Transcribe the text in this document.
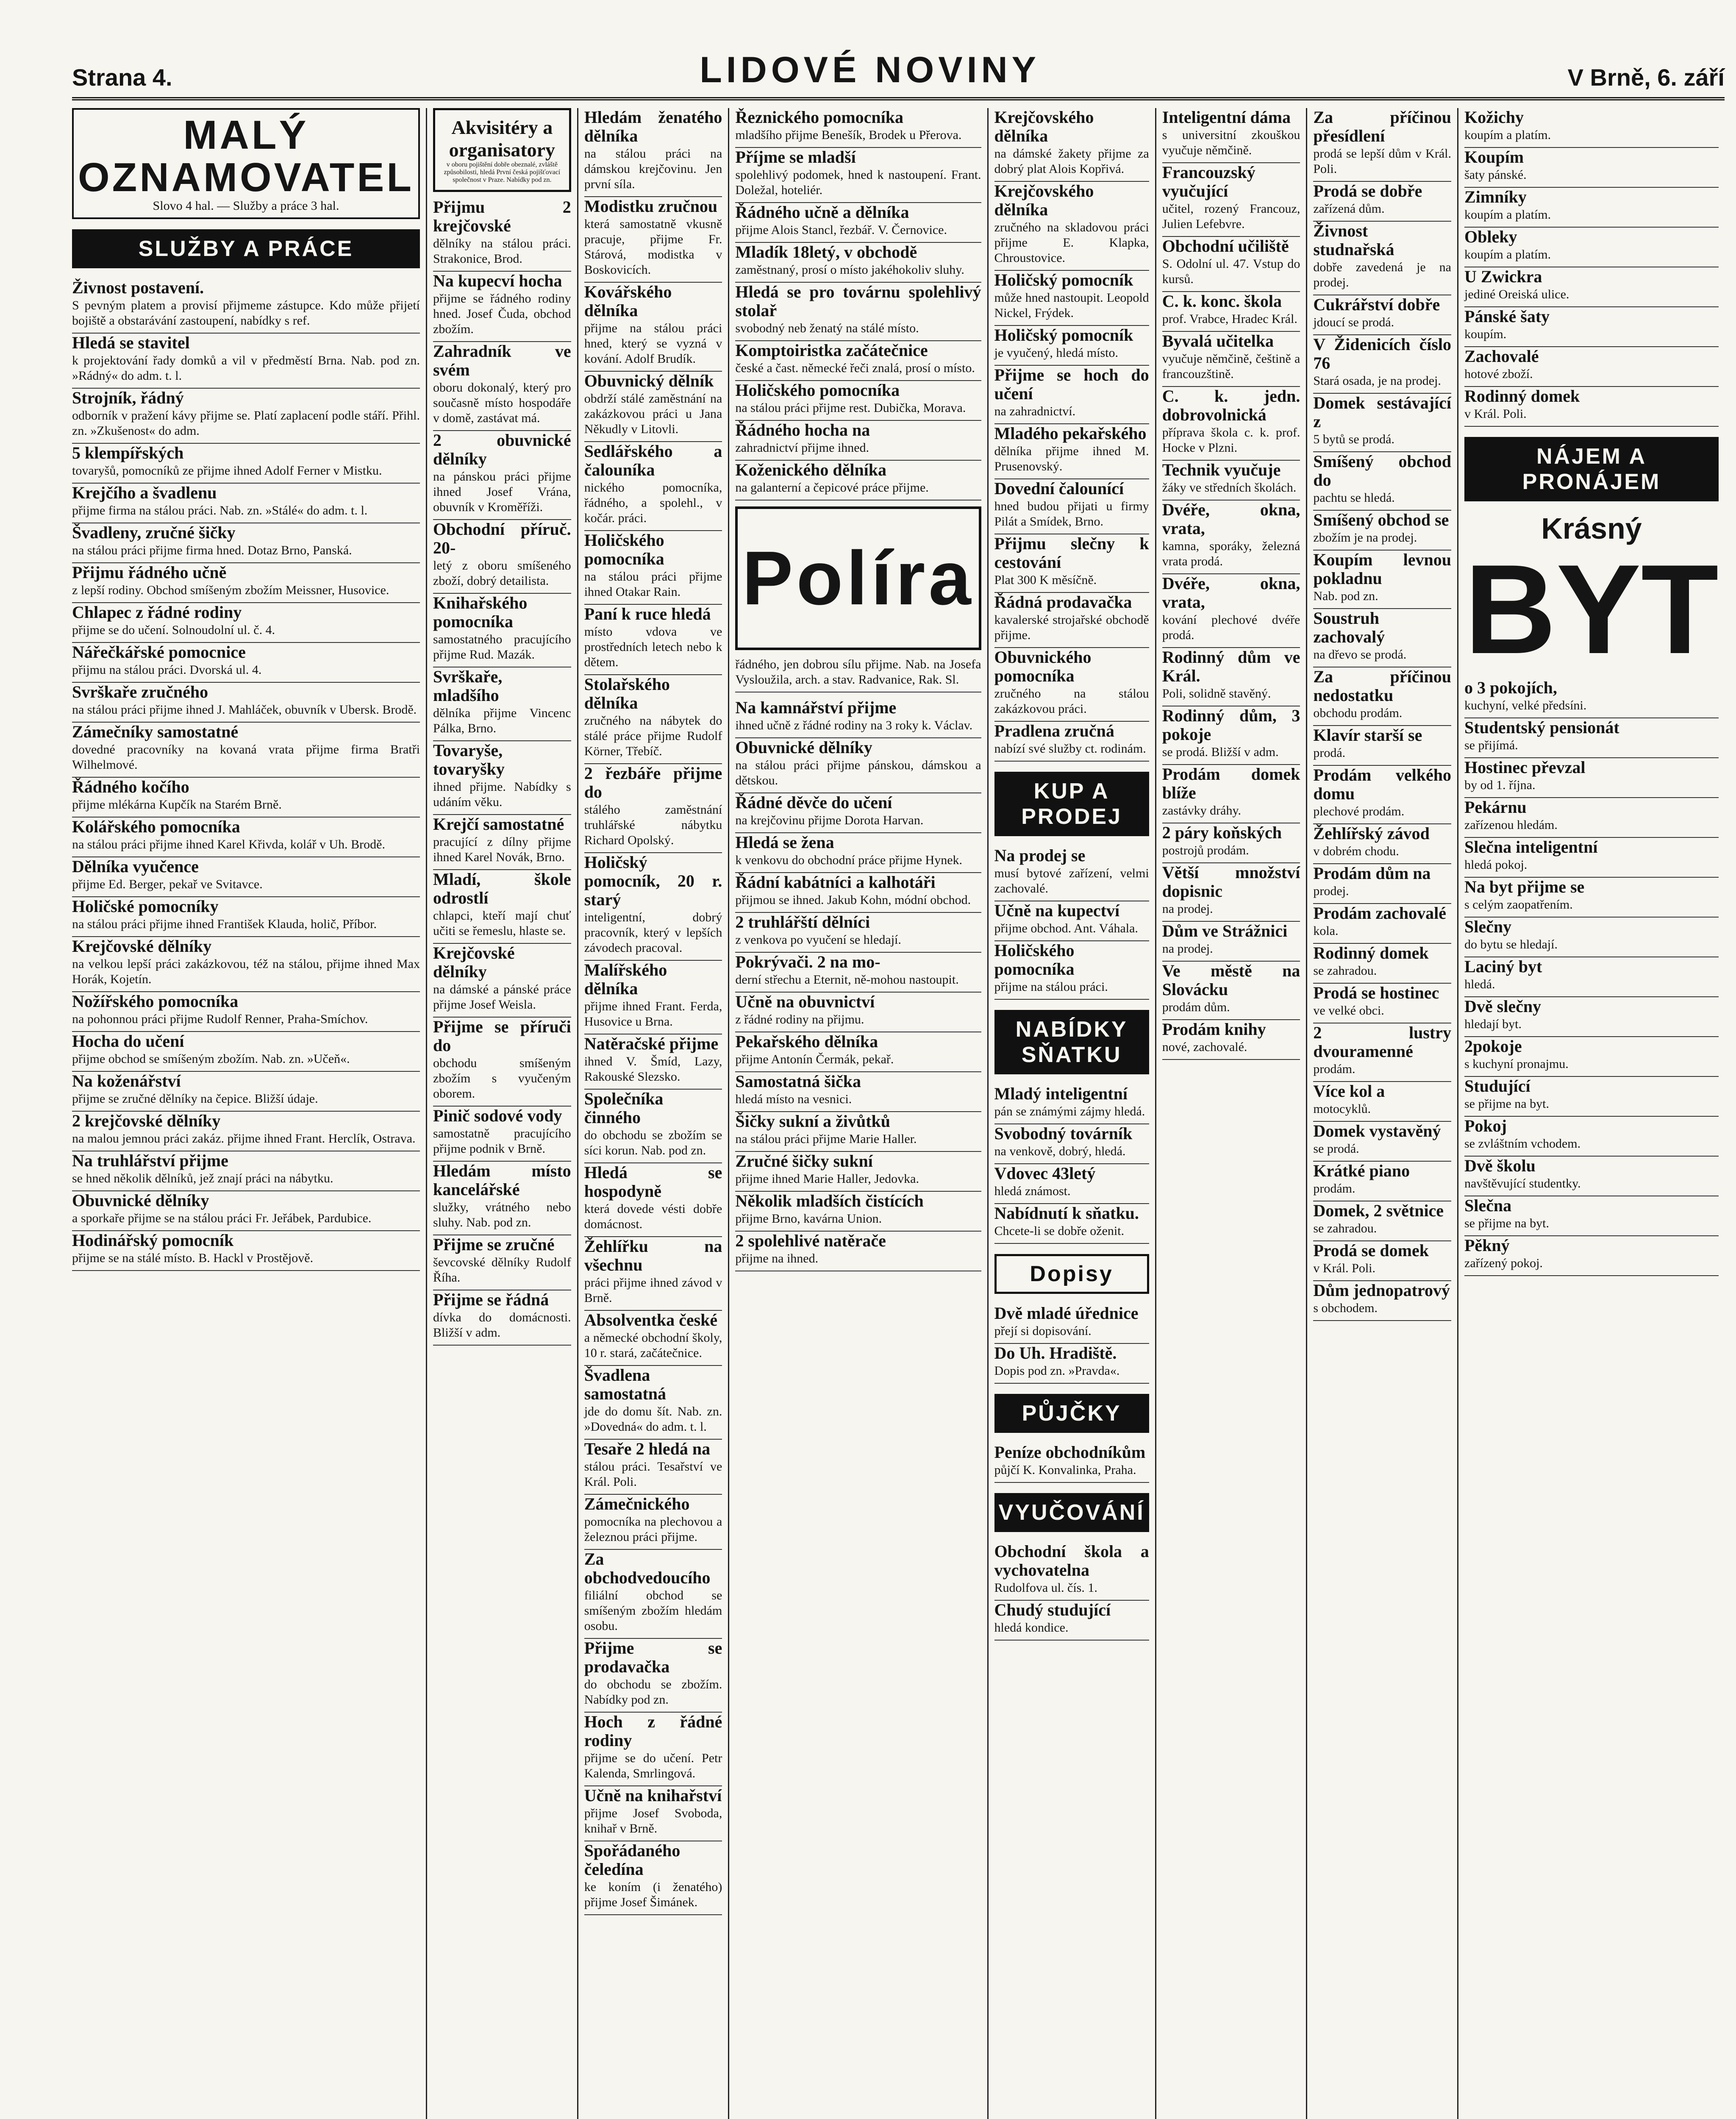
Strana 4.	LIDOVÉ NOVINY	V Brně, 6. září
MALÝ OZNAMOVATEL
Slovo 4 hal. — Služby a práce 3 hal.
SLUŽBY A PRÁCE
Živnost postavení.
S pevným platem a provisí přijmeme zástupce. Kdo může přijetí bojiště a obstarávání zastoupení, nabídky s ref.
Hledá se stavitel
k projektování řady domků a vil v předměstí Brna. Nab. pod zn. »Rádný« do adm. t. l.
Strojník, řádný
odborník v pražení kávy přijme se. Platí zaplacení podle stáří. Přihl. zn. »Zkušenost« do adm.
5 klempířských
tovaryšů, pomocníků ze přijme ihned Adolf Ferner v Mistku.
Krejčího a švadlenu
přijme firma na stálou práci. Nab. zn. »Stálé« do adm. t. l.
Švadleny, zručné šičky
na stálou práci přijme firma hned. Dotaz Brno, Panská.
Přijmu řádného učně
z lepší rodiny. Obchod smíšeným zbožím Meissner, Husovice.
Chlapec z řádné rodiny
přijme se do učení. Solnoudolní ul. č. 4.
Nářečkářské pomocnice
přijmu na stálou práci. Dvorská ul. 4.
Svrškaře zručného
na stálou práci přijme ihned J. Mahláček, obuvník v Ubersk. Brodě.
Zámečníky samostatné
dovedné pracovníky na kovaná vrata přijme firma Bratři Wilhelmové.
Řádného kočího
přijme mlékárna Kupčík na Starém Brně.
Kolářského pomocníka
na stálou práci přijme ihned Karel Křivda, kolář v Uh. Brodě.
Dělníka vyučence
přijme Ed. Berger, pekař ve Svitavce.
Holičské pomocníky
na stálou práci přijme ihned František Klauda, holič, Příbor.
Krejčovské dělníky
na velkou lepší práci zakázkovou, též na stálou, přijme ihned Max Horák, Kojetín.
Nožířského pomocníka
na pohonnou práci přijme Rudolf Renner, Praha-Smíchov.
Hocha do učení
přijme obchod se smíšeným zbožím. Nab. zn. »Učeň«.
Na koženářství
přijme se zručné dělníky na čepice. Bližší údaje.
2 krejčovské dělníky
na malou jemnou práci zakáz. přijme ihned Frant. Herclík, Ostrava.
Na truhlářství přijme
se hned několik dělníků, jež znají práci na nábytku.
Obuvnické dělníky
a sporkaře přijme se na stálou práci Fr. Jeřábek, Pardubice.
Hodinářský pomocník
přijme se na stálé místo. B. Hackl v Prostějově.
Akvisitéry a organisatory
v oboru pojištění dobře obeznalé, zvláště způsobilosti, hledá První česká pojišťovací společnost v Praze. Nabídky pod zn.
Přijmu 2 krejčovské
dělníky na stálou práci. Strakonice, Brod.
Na kupecví hocha
přijme se řádného rodiny hned. Josef Čuda, obchod zbožím.
Zahradník ve svém
oboru dokonalý, který pro současně místo hospodáře v domě, zastávat má.
2 obuvnické dělníky
na pánskou práci přijme ihned Josef Vrána, obuvník v Kroměříži.
Obchodní příruč. 20-
letý z oboru smíšeného zboží, dobrý detailista.
Knihařského pomocníka
samostatného pracujícího přijme Rud. Mazák.
Svrškaře, mladšího
dělníka přijme Vincenc Pálka, Brno.
Tovaryše, tovaryšky
ihned přijme. Nabídky s udáním věku.
Krejčí samostatné
pracující z dílny přijme ihned Karel Novák, Brno.
Mladí, škole odrostlí
chlapci, kteří mají chuť učiti se řemeslu, hlaste se.
Krejčovské dělníky
na dámské a pánské práce přijme Josef Weisla.
Přijme se příruči do
obchodu smíšeným zbožím s vyučeným oborem.
Pinič sodové vody
samostatně pracujícího přijme podnik v Brně.
Hledám místo kancelářské
služky, vrátného nebo sluhy. Nab. pod zn.
Přijme se zručné
ševcovské dělníky Rudolf Říha.
Přijme se řádná
dívka do domácnosti. Bližší v adm.
Hledám ženatého dělníka
na stálou práci na dámskou krejčovinu. Jen první síla.
Modistku zručnou
která samostatně vkusně pracuje, přijme Fr. Stárová, modistka v Boskovicích.
Kovářského dělníka
přijme na stálou práci hned, který se vyzná v kování. Adolf Brudík.
Obuvnický dělník
obdrží stálé zaměstnání na zakázkovou práci u Jana Někudly v Litovli.
Sedlářského a čalouníka
nického pomocníka, řádného, a spolehl., v kočár. práci.
Holičského pomocníka
na stálou práci přijme ihned Otakar Rain.
Paní k ruce hledá
místo vdova ve prostředních letech nebo k dětem.
Stolařského dělníka
zručného na nábytek do stálé práce přijme Rudolf Körner, Třebíč.
2 řezbáře přijme do
stálého zaměstnání truhlářské nábytku Richard Opolský.
Holičský pomocník, 20 r. starý
inteligentní, dobrý pracovník, který v lepších závodech pracoval.
Malířského dělníka
přijme ihned Frant. Ferda, Husovice u Brna.
Natěračské přijme
ihned V. Šmíd, Lazy, Rakouské Slezsko.
Společníka činného
do obchodu se zbožím se síci korun. Nab. pod zn.
Hledá se hospodyně
která dovede vésti dobře domácnost.
Žehlířku na všechnu
práci přijme ihned závod v Brně.
Absolventka české
a německé obchodní školy, 10 r. stará, začátečnice.
Švadlena samostatná
jde do domu šít. Nab. zn. »Dovedná« do adm. t. l.
Tesaře 2 hledá na
stálou práci. Tesařství ve Král. Poli.
Zámečnického
pomocníka na plechovou a železnou práci přijme.
Za obchodvedoucího
filiální obchod se smíšeným zbožím hledám osobu.
Přijme se prodavačka
do obchodu se zbožím. Nabídky pod zn.
Hoch z řádné rodiny
přijme se do učení. Petr Kalenda, Smrlingová.
Učně na knihařství
přijme Josef Svoboda, knihař v Brně.
Spořádaného čeledína
ke koním (i ženatého) přijme Josef Šimánek.
Řeznického pomocníka
mladšího přijme Benešík, Brodek u Přerova.
Příjme se mladší
spolehlivý podomek, hned k nastoupení. Frant. Doležal, hoteliér.
Řádného učně a dělníka
přijme Alois Stancl, řezbář. V. Černovice.
Mladík 18letý, v obchodě
zaměstnaný, prosí o místo jakéhokoliv sluhy.
Hledá se pro továrnu spolehlivý stolař
svobodný neb ženatý na stálé místo.
Komptoiristka začátečnice
české a čast. německé řeči znalá, prosí o místo.
Holičského pomocníka
na stálou práci přijme rest. Dubička, Morava.
Řádného hocha na
zahradnictví přijme ihned.
Koženického dělníka
na galanterní a čepicové práce přijme.
Políra
řádného, jen dobrou sílu přijme. Nab. na Josefa Vysloužila, arch. a stav. Radvanice, Rak. Sl.
Na kamnářství přijme
ihned učně z řádné rodiny na 3 roky k. Václav.
Obuvnické dělníky
na stálou práci přijme pánskou, dámskou a dětskou.
Řádné děvče do učení
na krejčovinu přijme Dorota Harvan.
Hledá se žena
k venkovu do obchodní práce přijme Hynek.
Řádní kabátníci a kalhotáři
přijmou se ihned. Jakub Kohn, módní obchod.
2 truhlářští dělníci
z venkova po vyučení se hledají.
Pokrývači. 2 na mo-
derní střechu a Eternit, ně-mohou nastoupit.
Učně na obuvnictví
z řádné rodiny na přijmu.
Pekařského dělníka
přijme Antonín Čermák, pekař.
Samostatná šička
hledá místo na vesnici.
Šičky sukní a živůtků
na stálou práci přijme Marie Haller.
Zručné šičky sukní
přijme ihned Marie Haller, Jedovka.
Několik mladších čistících
přijme Brno, kavárna Union.
2 spolehlivé natěrače
přijme na ihned.
Krejčovského dělníka
na dámské žakety přijme za dobrý plat Alois Kopřivá.
Krejčovského dělníka
zručného na skladovou práci přijme E. Klapka, Chroustovice.
Holičský pomocník
může hned nastoupit. Leopold Nickel, Frýdek.
Holičský pomocník
je vyučený, hledá místo.
Přijme se hoch do učení
na zahradnictví.
Mladého pekařského
dělníka přijme ihned M. Prusenovský.
Dovední čalounící
hned budou přijati u firmy Pilát a Smídek, Brno.
Přijmu slečny k cestování
Plat 300 K měsíčně.
Řádná prodavačka
kavalerské strojařské obchodě přijme.
Obuvnického pomocníka
zručného na stálou zakázkovou práci.
Pradlena zručná
nabízí své služby ct. rodinám.
KUP A PRODEJ
Na prodej se
musí bytové zařízení, velmi zachovalé.
Učně na kupectví
přijme obchod. Ant. Váhala.
Holičského pomocníka
přijme na stálou práci.
NABÍDKY SŇATKU
Mladý inteligentní
pán se známými zájmy hledá.
Svobodný továrník
na venkově, dobrý, hledá.
Vdovec 43letý
hledá známost.
Nabídnutí k sňatku.
Chcete-li se dobře oženit.
Dopisy
Dvě mladé úřednice
přejí si dopisování.
Do Uh. Hradiště.
Dopis pod zn. »Pravda«.
PŮJČKY
Peníze obchodníkům
půjčí K. Konvalinka, Praha.
VYUČOVÁNÍ
Obchodní škola a vychovatelna
Rudolfova ul. čís. 1.
Chudý studující
hledá kondice.
Inteligentní dáma
s universitní zkouškou vyučuje němčině.
Francouzský vyučující
učitel, rozený Francouz, Julien Lefebvre.
Obchodní učiliště
S. Odolní ul. 47. Vstup do kursů.
C. k. konc. škola
prof. Vrabce, Hradec Král.
Byvalá učitelka
vyučuje němčině, češtině a francouzštině.
C. k. jedn. dobrovolnická
příprava škola c. k. prof. Hocke v Plzni.
Technik vyučuje
žáky ve středních školách.
Dvéře, okna, vrata,
kamna, sporáky, železná vrata prodá.
Dvéře, okna, vrata,
kování plechové dvéře prodá.
Rodinný dům ve Král.
Poli, solidně stavěný.
Rodinný dům, 3 pokoje
se prodá. Bližší v adm.
Prodám domek blíže
zastávky dráhy.
2 páry koňských
postrojů prodám.
Větší množství dopisnic
na prodej.
Dům ve Strážnici
na prodej.
Ve městě na Slovácku
prodám dům.
Prodám knihy
nové, zachovalé.
Za příčinou přesídlení
prodá se lepší dům v Král. Poli.
Prodá se dobře
zařízená dům.
Živnost studnařská
dobře zavedená je na prodej.
Cukrářství dobře
jdoucí se prodá.
V Židenicích číslo 76
Stará osada, je na prodej.
Domek sestávající z
5 bytů se prodá.
Smíšený obchod do
pachtu se hledá.
Smíšený obchod se
zbožím je na prodej.
Koupím levnou pokladnu
Nab. pod zn.
Soustruh zachovalý
na dřevo se prodá.
Za příčinou nedostatku
obchodu prodám.
Klavír starší se
prodá.
Prodám velkého domu
plechové prodám.
Žehlířský závod
v dobrém chodu.
Prodám dům na
prodej.
Prodám zachovalé
kola.
Rodinný domek
se zahradou.
Prodá se hostinec
ve velké obci.
2 lustry dvouramenné
prodám.
Více kol a
motocyklů.
Domek vystavěný
se prodá.
Krátké piano
prodám.
Domek, 2 světnice
se zahradou.
Prodá se domek
v Král. Poli.
Dům jednopatrový
s obchodem.
Kožichy
koupím a platím.
Koupím
šaty pánské.
Zimníky
koupím a platím.
Obleky
koupím a platím.
U Zwickra
jediné Oreiská ulice.
Pánské šaty
koupím.
Zachovalé
hotové zboží.
Rodinný domek
v Král. Poli.
NÁJEM A PRONÁJEM
Krásný
BYT
o 3 pokojích,
kuchyní, velké předsíni.
Studentský pensionát
se přijímá.
Hostinec převzal
by od 1. října.
Pekárnu
zařízenou hledám.
Slečna inteligentní
hledá pokoj.
Na byt přijme se
s celým zaopatřením.
Slečny
do bytu se hledají.
Laciný byt
hledá.
Dvě slečny
hledají byt.
2pokoje
s kuchyní pronajmu.
Studující
se přijme na byt.
Pokoj
se zvláštním vchodem.
Dvě školu
navštěvující studentky.
Slečna
se přijme na byt.
Pěkný
zařízený pokoj.
